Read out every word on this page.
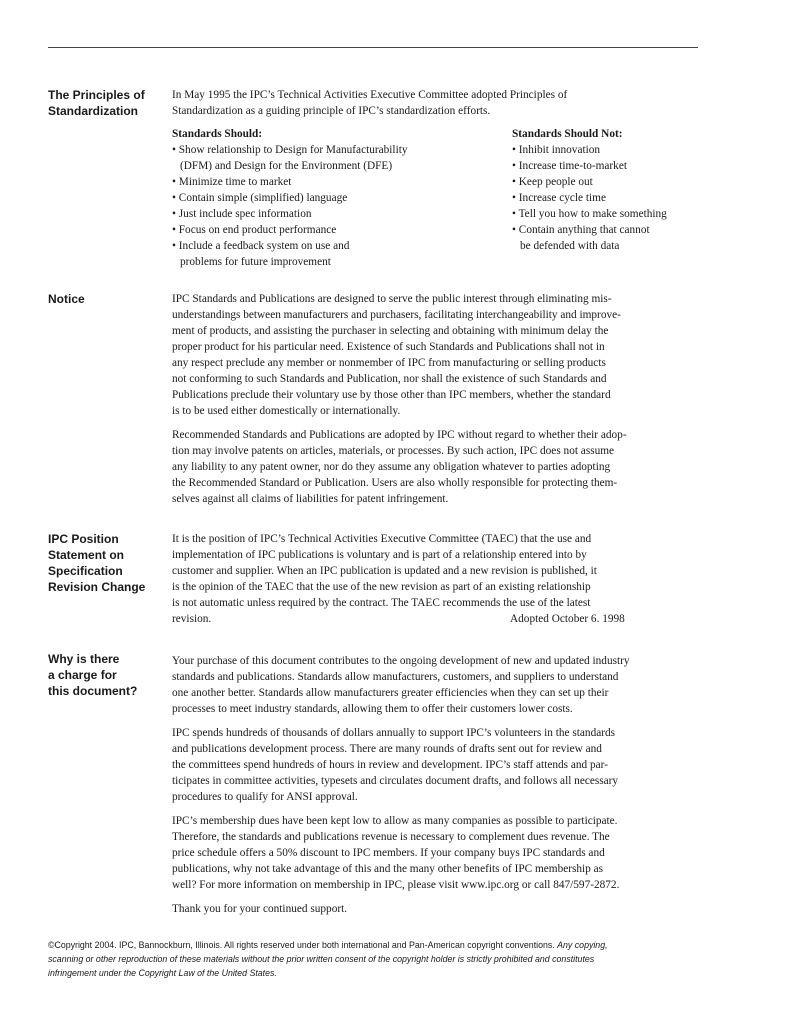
The Principles of
Standardization
In May 1995 the IPC’s Technical Activities Executive Committee adopted Principles of
Standardization as a guiding principle of IPC’s standardization efforts.
Standards Should:
• Show relationship to Design for Manufacturability
(DFM) and Design for the Environment (DFE)
• Minimize time to market
• Contain simple (simplified) language
• Just include spec information
• Focus on end product performance
• Include a feedback system on use and
problems for future improvement
Standards Should Not:
• Inhibit innovation
• Increase time-to-market
• Keep people out
• Increase cycle time
• Tell you how to make something
• Contain anything that cannot
be defended with data
Notice	IPC Standards and Publications are designed to serve the public interest through eliminating mis-
understandings between manufacturers and purchasers, facilitating interchangeability and improve-
ment of products, and assisting the purchaser in selecting and obtaining with minimum delay the
proper product for his particular need. Existence of such Standards and Publications shall not in
any respect preclude any member or nonmember of IPC from manufacturing or selling products
not conforming to such Standards and Publication, nor shall the existence of such Standards and
Publications preclude their voluntary use by those other than IPC members, whether the standard
is to be used either domestically or internationally.
Recommended Standards and Publications are adopted by IPC without regard to whether their adop-
tion may involve patents on articles, materials, or processes. By such action, IPC does not assume
any liability to any patent owner, nor do they assume any obligation whatever to parties adopting
the Recommended Standard or Publication. Users are also wholly responsible for protecting them-
selves against all claims of liabilities for patent infringement.
IPC Position
Statement on
Specification
Revision Change
It is the position of IPC’s Technical Activities Executive Committee (TAEC) that the use and
implementation of IPC publications is voluntary and is part of a relationship entered into by
customer and supplier. When an IPC publication is updated and a new revision is published, it
is the opinion of the TAEC that the use of the new revision as part of an existing relationship
is not automatic unless required by the contract. The TAEC recommends the use of the latest
revision.	Adopted October 6. 1998
Why is there
a charge for
this document?
Your purchase of this document contributes to the ongoing development of new and updated industry
standards and publications. Standards allow manufacturers, customers, and suppliers to understand
one another better. Standards allow manufacturers greater efficiencies when they can set up their
processes to meet industry standards, allowing them to offer their customers lower costs.
IPC spends hundreds of thousands of dollars annually to support IPC’s volunteers in the standards
and publications development process. There are many rounds of drafts sent out for review and
the committees spend hundreds of hours in review and development. IPC’s staff attends and par-
ticipates in committee activities, typesets and circulates document drafts, and follows all necessary
procedures to qualify for ANSI approval.
IPC’s membership dues have been kept low to allow as many companies as possible to participate.
Therefore, the standards and publications revenue is necessary to complement dues revenue. The
price schedule offers a 50% discount to IPC members. If your company buys IPC standards and
publications, why not take advantage of this and the many other benefits of IPC membership as
well? For more information on membership in IPC, please visit www.ipc.org or call 847/597-2872.
Thank you for your continued support.
©Copyright 2004. IPC, Bannockburn, Illinois. All rights reserved under both international and Pan-American copyright conventions. Any copying,
scanning or other reproduction of these materials without the prior written consent of the copyright holder is strictly prohibited and constitutes
infringement under the Copyright Law of the United States.
